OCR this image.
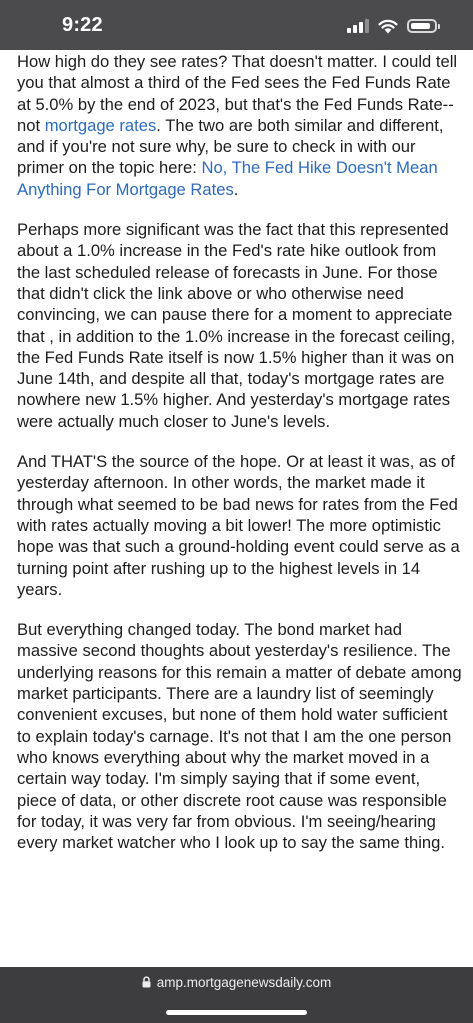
9:22

How high do they see rates? That doesn't matter. I could tell you that almost a third of the Fed sees the Fed Funds Rate at 5.0% by the end of 2023, but that's the Fed Funds Rate--not mortgage rates. The two are both similar and different, and if you're not sure why, be sure to check in with our primer on the topic here: No, The Fed Hike Doesn't Mean Anything For Mortgage Rates.

Perhaps more significant was the fact that this represented about a 1.0% increase in the Fed's rate hike outlook from the last scheduled release of forecasts in June. For those that didn't click the link above or who otherwise need convincing, we can pause there for a moment to appreciate that , in addition to the 1.0% increase in the forecast ceiling, the Fed Funds Rate itself is now 1.5% higher than it was on June 14th, and despite all that, today's mortgage rates are nowhere new 1.5% higher. And yesterday's mortgage rates were actually much closer to June's levels.

And THAT'S the source of the hope. Or at least it was, as of yesterday afternoon. In other words, the market made it through what seemed to be bad news for rates from the Fed with rates actually moving a bit lower! The more optimistic hope was that such a ground-holding event could serve as a turning point after rushing up to the highest levels in 14 years.

But everything changed today. The bond market had massive second thoughts about yesterday's resilience. The underlying reasons for this remain a matter of debate among market participants. There are a laundry list of seemingly convenient excuses, but none of them hold water sufficient to explain today's carnage. It's not that I am the one person who knows everything about why the market moved in a certain way today. I'm simply saying that if some event, piece of data, or other discrete root cause was responsible for today, it was very far from obvious. I'm seeing/hearing every market watcher who I look up to say the same thing.

amp.mortgagenewsdaily.com
